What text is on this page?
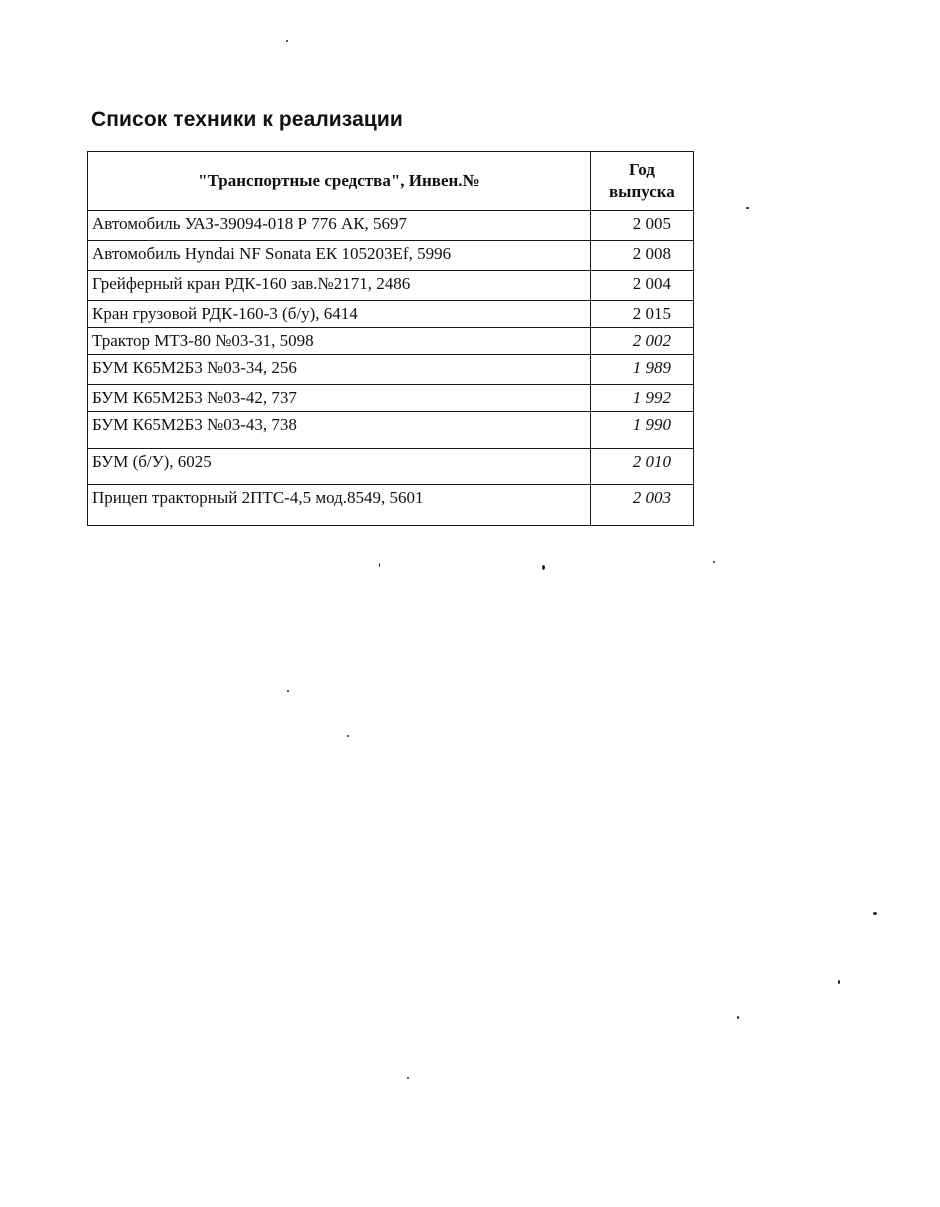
Список техники к реализации
"Транспортные средства", Инвен.№	Год
выпуска
Автомобиль УАЗ-39094-018 Р 776 АК, 5697	2 005
Автомобиль Hyndai NF Sonata ЕК 105203Ef, 5996	2 008
Грейферный кран РДК-160 зав.№2171, 2486	2 004
Кран грузовой РДК-160-3 (б/у), 6414	2 015
Трактор МТЗ-80 №03-31, 5098	2 002
БУМ К65М2Б3 №03-34, 256	1 989
БУМ К65М2Б3 №03-42, 737	1 992
БУМ К65М2Б3 №03-43, 738	1 990
БУМ (б/У), 6025	2 010
Прицеп тракторный 2ПТС-4,5 мод.8549, 5601	2 003
